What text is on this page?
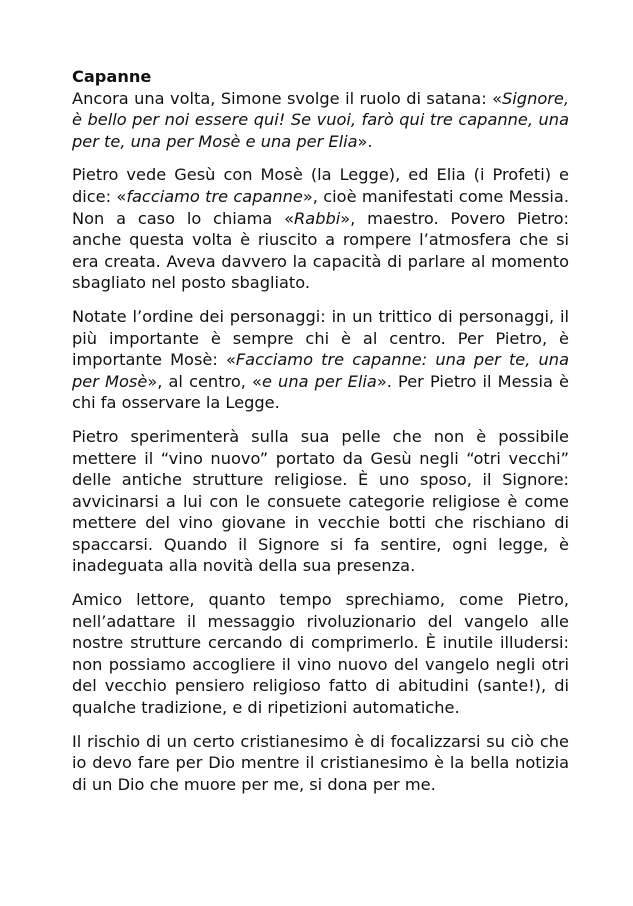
Capanne

Ancora una volta, Simone svolge il ruolo di satana: «Signore, è bello per noi essere qui! Se vuoi, farò qui tre capanne, una per te, una per Mosè e una per Elia».

Pietro vede Gesù con Mosè (la Legge), ed Elia (i Profeti) e dice: «facciamo tre capanne», cioè manifestati come Messia. Non a caso lo chiama «Rabbi», maestro. Povero Pietro: anche questa volta è riuscito a rompere l’atmosfera che si era creata. Aveva davvero la capacità di parlare al momento sbagliato nel posto sbagliato.

Notate l’ordine dei personaggi: in un trittico di personaggi, il più importante è sempre chi è al centro. Per Pietro, è importante Mosè: «Facciamo tre capanne: una per te, una per Mosè», al centro, «e una per Elia». Per Pietro il Messia è chi fa osservare la Legge.

Pietro sperimenterà sulla sua pelle che non è possibile mettere il “vino nuovo” portato da Gesù negli “otri vecchi” delle antiche strutture religiose. È uno sposo, il Signore: avvicinarsi a lui con le consuete categorie religiose è come mettere del vino giovane in vecchie botti che rischiano di spaccarsi. Quando il Signore si fa sentire, ogni legge, è inadeguata alla novità della sua presenza.

Amico lettore, quanto tempo sprechiamo, come Pietro, nell’adattare il messaggio rivoluzionario del vangelo alle nostre strutture cercando di comprimerlo. È inutile illudersi: non possiamo accogliere il vino nuovo del vangelo negli otri del vecchio pensiero religioso fatto di abitudini (sante!), di qualche tradizione, e di ripetizioni automatiche.

Il rischio di un certo cristianesimo è di focalizzarsi su ciò che io devo fare per Dio mentre il cristianesimo è la bella notizia di un Dio che muore per me, si dona per me.
